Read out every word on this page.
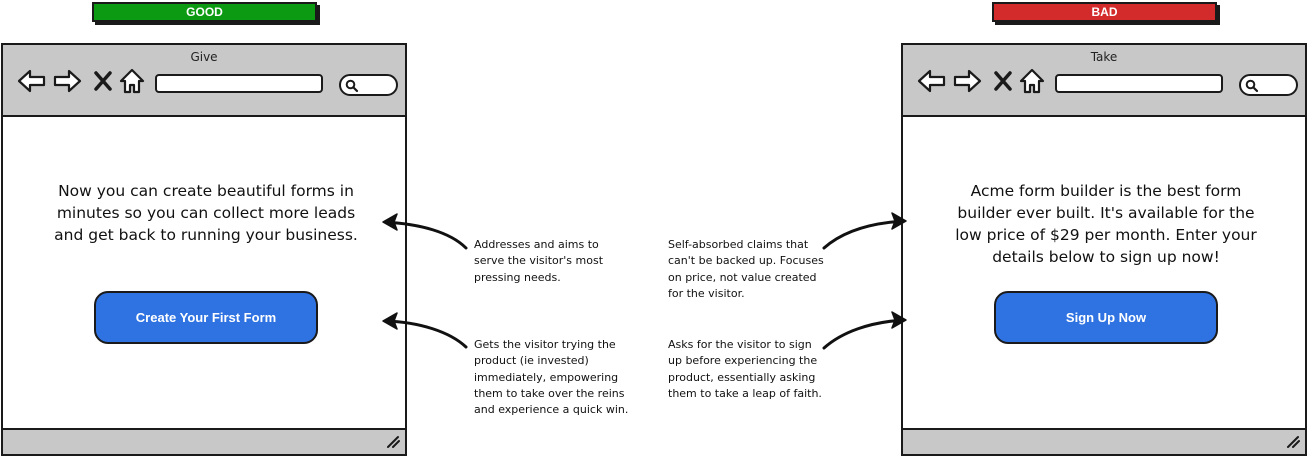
GOOD	BAD
Give
Now you can create beautiful forms in minutes so you can collect more leads and get back to running your business.
Create Your First Form
Take
Acme form builder is the best form builder ever built. It's available for the low price of $29 per month. Enter your details below to sign up now!
Sign Up Now
Addresses and aims to serve the visitor's most pressing needs.
Gets the visitor trying the product (ie invested) immediately, empowering them to take over the reins and experience a quick win.
Self-absorbed claims that can't be backed up. Focuses on price, not value created for the visitor.
Asks for the visitor to sign up before experiencing the product, essentially asking them to take a leap of faith.
